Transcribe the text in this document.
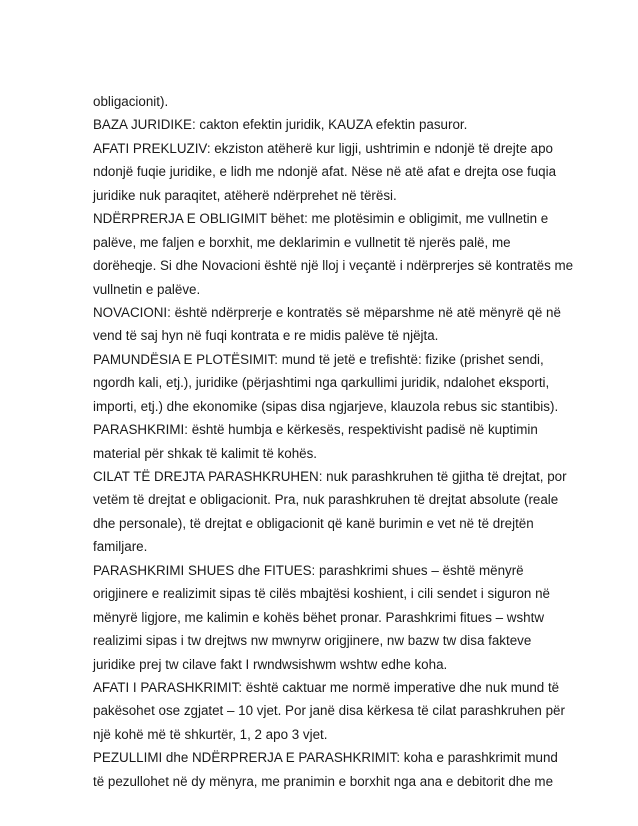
obligacionit).
BAZA JURIDIKE: cakton efektin juridik, KAUZA efektin pasuror.
AFATI PREKLUZIV: ekziston atëherë kur ligji, ushtrimin e ndonjë të drejte apo
ndonjë fuqie juridike, e lidh me ndonjë afat. Nëse në atë afat e drejta ose fuqia
juridike nuk paraqitet, atëherë ndërprehet në tërësi.
NDËRPRERJA E OBLIGIMIT bëhet: me plotësimin e obligimit, me vullnetin e
palëve, me faljen e borxhit, me deklarimin e vullnetit të njerës palë, me
dorëheqje. Si dhe Novacioni është një lloj i veçantë i ndërprerjes së kontratës me
vullnetin e palëve.
NOVACIONI: është ndërprerje e kontratës së mëparshme në atë mënyrë që në
vend të saj hyn në fuqi kontrata e re midis palëve të njëjta.
PAMUNDËSIA E PLOTËSIMIT: mund të jetë e trefishtë: fizike (prishet sendi,
ngordh kali, etj.), juridike (përjashtimi nga qarkullimi juridik, ndalohet eksporti,
importi, etj.) dhe ekonomike (sipas disa ngjarjeve, klauzola rebus sic stantibis).
PARASHKRIMI: është humbja e kërkesës, respektivisht padisë në kuptimin
material për shkak të kalimit të kohës.
CILAT TË DREJTA PARASHKRUHEN: nuk parashkruhen të gjitha të drejtat, por
vetëm të drejtat e obligacionit. Pra, nuk parashkruhen të drejtat absolute (reale
dhe personale), të drejtat e obligacionit që kanë burimin e vet në të drejtën
familjare.
PARASHKRIMI SHUES dhe FITUES: parashkrimi shues – është mënyrë
origjinere e realizimit sipas të cilës mbajtësi koshient, i cili sendet i siguron në
mënyrë ligjore, me kalimin e kohës bëhet pronar. Parashkrimi fitues – wshtw
realizimi sipas i tw drejtws nw mwnyrw origjinere, nw bazw tw disa fakteve
juridike prej tw cilave fakt I rwndwsishwm wshtw edhe koha.
AFATI I PARASHKRIMIT: është caktuar me normë imperative dhe nuk mund të
pakësohet ose zgjatet – 10 vjet. Por janë disa kërkesa të cilat parashkruhen për
një kohë më të shkurtër, 1, 2 apo 3 vjet.
PEZULLIMI dhe NDËRPRERJA E PARASHKRIMIT: koha e parashkrimit mund
të pezullohet në dy mënyra, me pranimin e borxhit nga ana e debitorit dhe me
